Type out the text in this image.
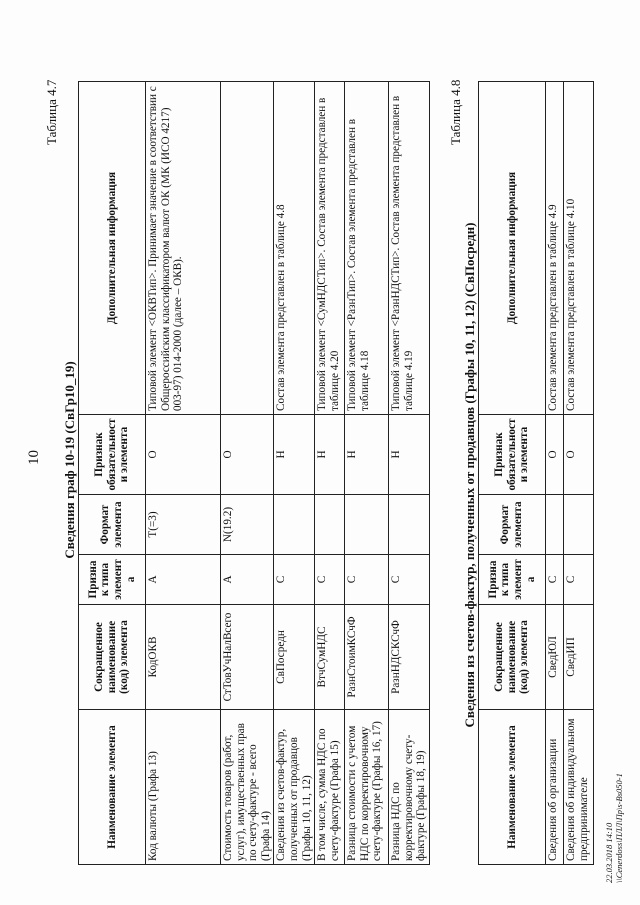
10
Таблица 4.7
Сведения граф 10-19 (СвГр10_19)
Наименование элемента	Сокращенное наименование (код) элемента	Признак типа элемента	Формат элемента	Признак обязательности элемента	Дополнительная информация
Код валюты (Графа 13)	КодОКВ	А	T(=3)	О	Типовой элемент <ОКВТип>. Принимает значение в соответствии с Общероссийским классификатором валют ОК (МК (ИСО 4217) 003-97) 014-2000 (далее – ОКВ).
Стоимость товаров (работ, услуг), имущественных прав по счету-фактуре - всего (Графа 14)	СтТовУчНалВсего	А	N(19.2)	О	
Сведения из счетов-фактур, полученных от продавцов (Графы 10, 11, 12)	СвПосредн	С		Н	Состав элемента представлен в таблице 4.8
В том числе, сумма НДС по счету-фактуре (Графа 15)	ВтчСумНДС	С		Н	Типовой элемент <СумНДСТип>. Состав элемента представлен в таблице 4.20
Разница стоимости с учетом НДС по корректировочному счету-фактуре (Графы 16, 17)	РазнСтоимКСчФ	С		Н	Типовой элемент <РазнТип>. Состав элемента представлен в таблице 4.18
Разница НДС по корректировочному счету-фактуре (Графы 18, 19)	РазнНДСКСчФ	С		Н	Типовой элемент <РазнНДСТип>. Состав элемента представлен в таблице 4.19
Таблица 4.8
Сведения из счетов-фактур, полученных от продавцов (Графы 10, 11, 12) (СвПосредн)
Наименование элемента	Сокращенное наименование (код) элемента	Признак типа элемента	Формат элемента	Признак обязательности элемента	Дополнительная информация
Сведения об организации	СведЮЛ	С		О	Состав элемента представлен в таблице 4.9
Сведения об индивидуальном предпринимателе	СведИП	С		О	Состав элемента представлен в таблице 4.10
22.03.2018 14:10 \\Cenerdoss\ПЛЛ\Пр\s-Bs050-1
